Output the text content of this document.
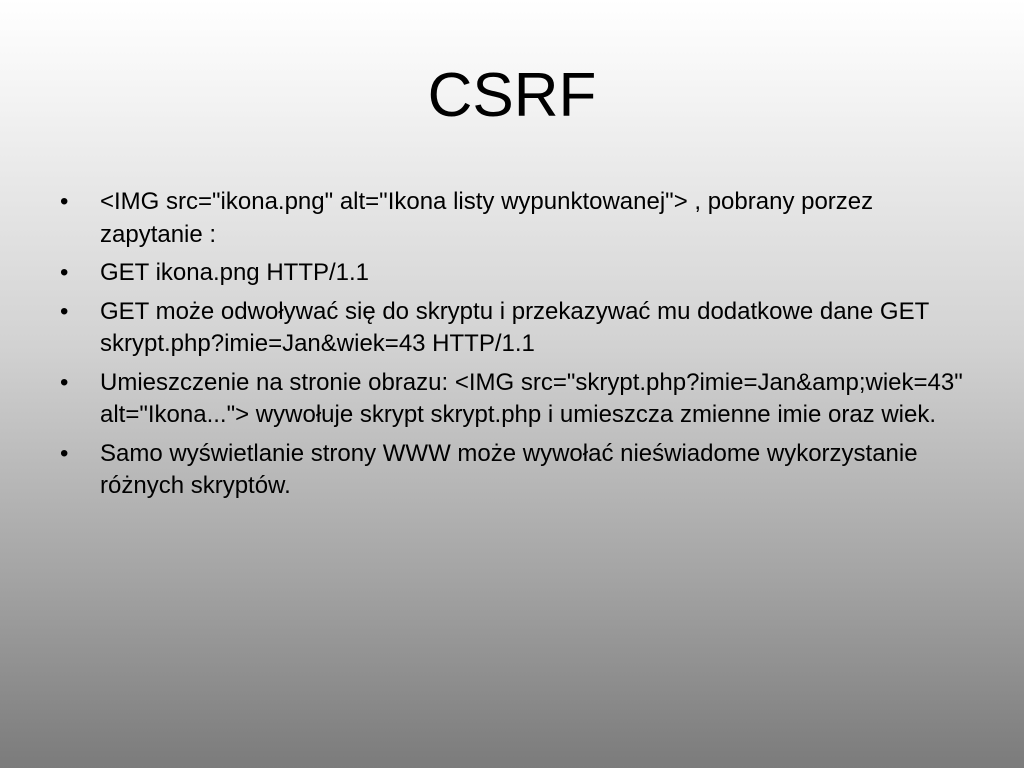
CSRF
•	<IMG src="ikona.png" alt="Ikona listy wypunktowanej"> , pobrany porzez zapytanie :
•	GET ikona.png HTTP/1.1
•	GET może odwoływać się do skryptu i przekazywać mu dodatkowe dane GET skrypt.php?imie=Jan&wiek=43 HTTP/1.1
•	Umieszczenie na stronie obrazu: <IMG src="skrypt.php?imie=Jan&amp;wiek=43" alt="Ikona..."> wywołuje skrypt skrypt.php i umieszcza zmienne imie oraz wiek.
•	Samo wyświetlanie strony WWW może wywołać nieświadome wykorzystanie różnych skryptów.
